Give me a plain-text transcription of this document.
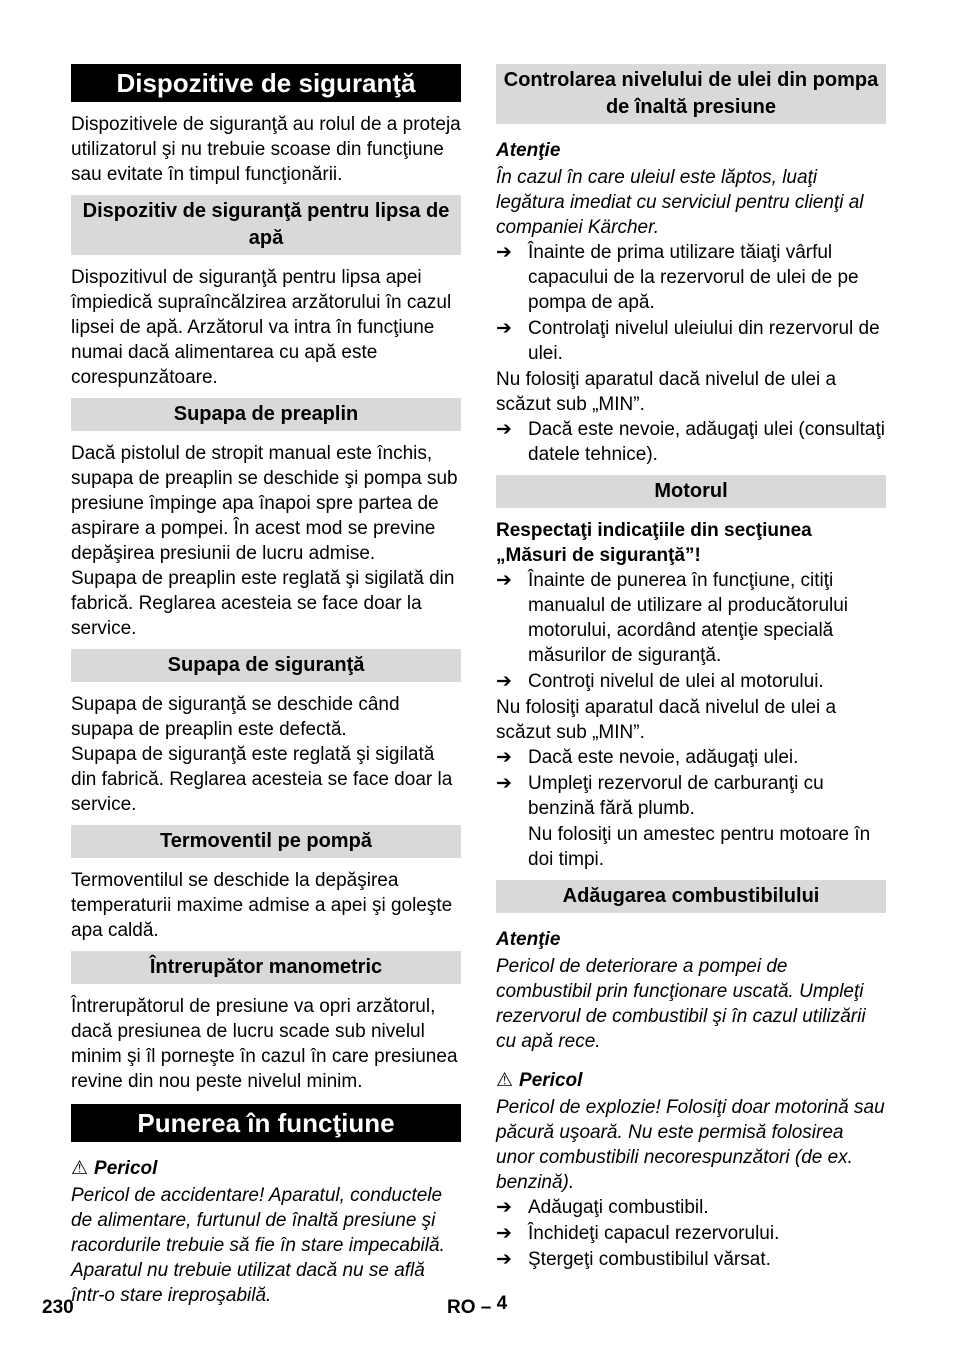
Dispozitive de siguranţă

Dispozitivele de siguranţă au rolul de a proteja utilizatorul şi nu trebuie scoase din funcţiune sau evitate în timpul funcţionării.

Dispozitiv de siguranţă pentru lipsa de apă

Dispozitivul de siguranţă pentru lipsa apei împiedică supraîncălzirea arzătorului în cazul lipsei de apă. Arzătorul va intra în funcţiune numai dacă alimentarea cu apă este corespunzătoare.

Supapa de preaplin

Dacă pistolul de stropit manual este închis, supapa de preaplin se deschide şi pompa sub presiune împinge apa înapoi spre partea de aspirare a pompei. În acest mod se previne depăşirea presiunii de lucru admise.

Supapa de preaplin este reglată şi sigilată din fabrică. Reglarea acesteia se face doar la service.

Supapa de siguranţă

Supapa de siguranţă se deschide când supapa de preaplin este defectă.

Supapa de siguranţă este reglată şi sigilată din fabrică. Reglarea acesteia se face doar la service.

Termoventil pe pompă

Termoventilul se deschide la depăşirea temperaturii maxime admise a apei şi goleşte apa caldă.

Întrerupător manometric

Întrerupătorul de presiune va opri arzătorul, dacă presiunea de lucru scade sub nivelul minim şi îl porneşte în cazul în care presiunea revine din nou peste nivelul minim.

Punerea în funcţiune
⚠ Pericol

Pericol de accidentare! Aparatul, conductele de alimentare, furtunul de înaltă presiune şi racordurile trebuie să fie în stare impecabilă. Aparatul nu trebuie utilizat dacă nu se află într-o stare ireproşabilă.

Controlarea nivelului de ulei din pompa de înaltă presiune
Atenţie

În cazul în care uleiul este lăptos, luaţi legătura imediat cu serviciul pentru clienţi al companiei Kärcher.

➔ Înainte de prima utilizare tăiaţi vârful capacului de la rezervorul de ulei de pe pompa de apă.
➔ Controlaţi nivelul uleiului din rezervorul de ulei.

Nu folosiţi aparatul dacă nivelul de ulei a scăzut sub „MIN”.

➔ Dacă este nevoie, adăugaţi ulei (consultaţi datele tehnice).
Motorul

Respectaţi indicaţiile din secţiunea „Măsuri de siguranţă”!

➔ Înainte de punerea în funcţiune, citiţi manualul de utilizare al producătorului motorului, acordând atenţie specială măsurilor de siguranţă.
➔ Controţi nivelul de ulei al motorului.

Nu folosiţi aparatul dacă nivelul de ulei a scăzut sub „MIN”.

➔ Dacă este nevoie, adăugaţi ulei.
➔ Umpleţi rezervorul de carburanţi cu benzină fără plumb.

Nu folosiţi un amestec pentru motoare în doi timpi.

Adăugarea combustibilului
Atenţie

Pericol de deteriorare a pompei de combustibil prin funcţionare uscată. Umpleţi rezervorul de combustibil şi în cazul utilizării cu apă rece.

⚠ Pericol

Pericol de explozie! Folosiţi doar motorină sau păcură uşoară. Nu este permisă folosirea unor combustibili necorespunzători (de ex. benzină).

➔ Adăugaţi combustibil.
➔ Închideţi capacul rezervorului.
➔ Ştergeţi combustibilul vărsat.
230	RO – 4
